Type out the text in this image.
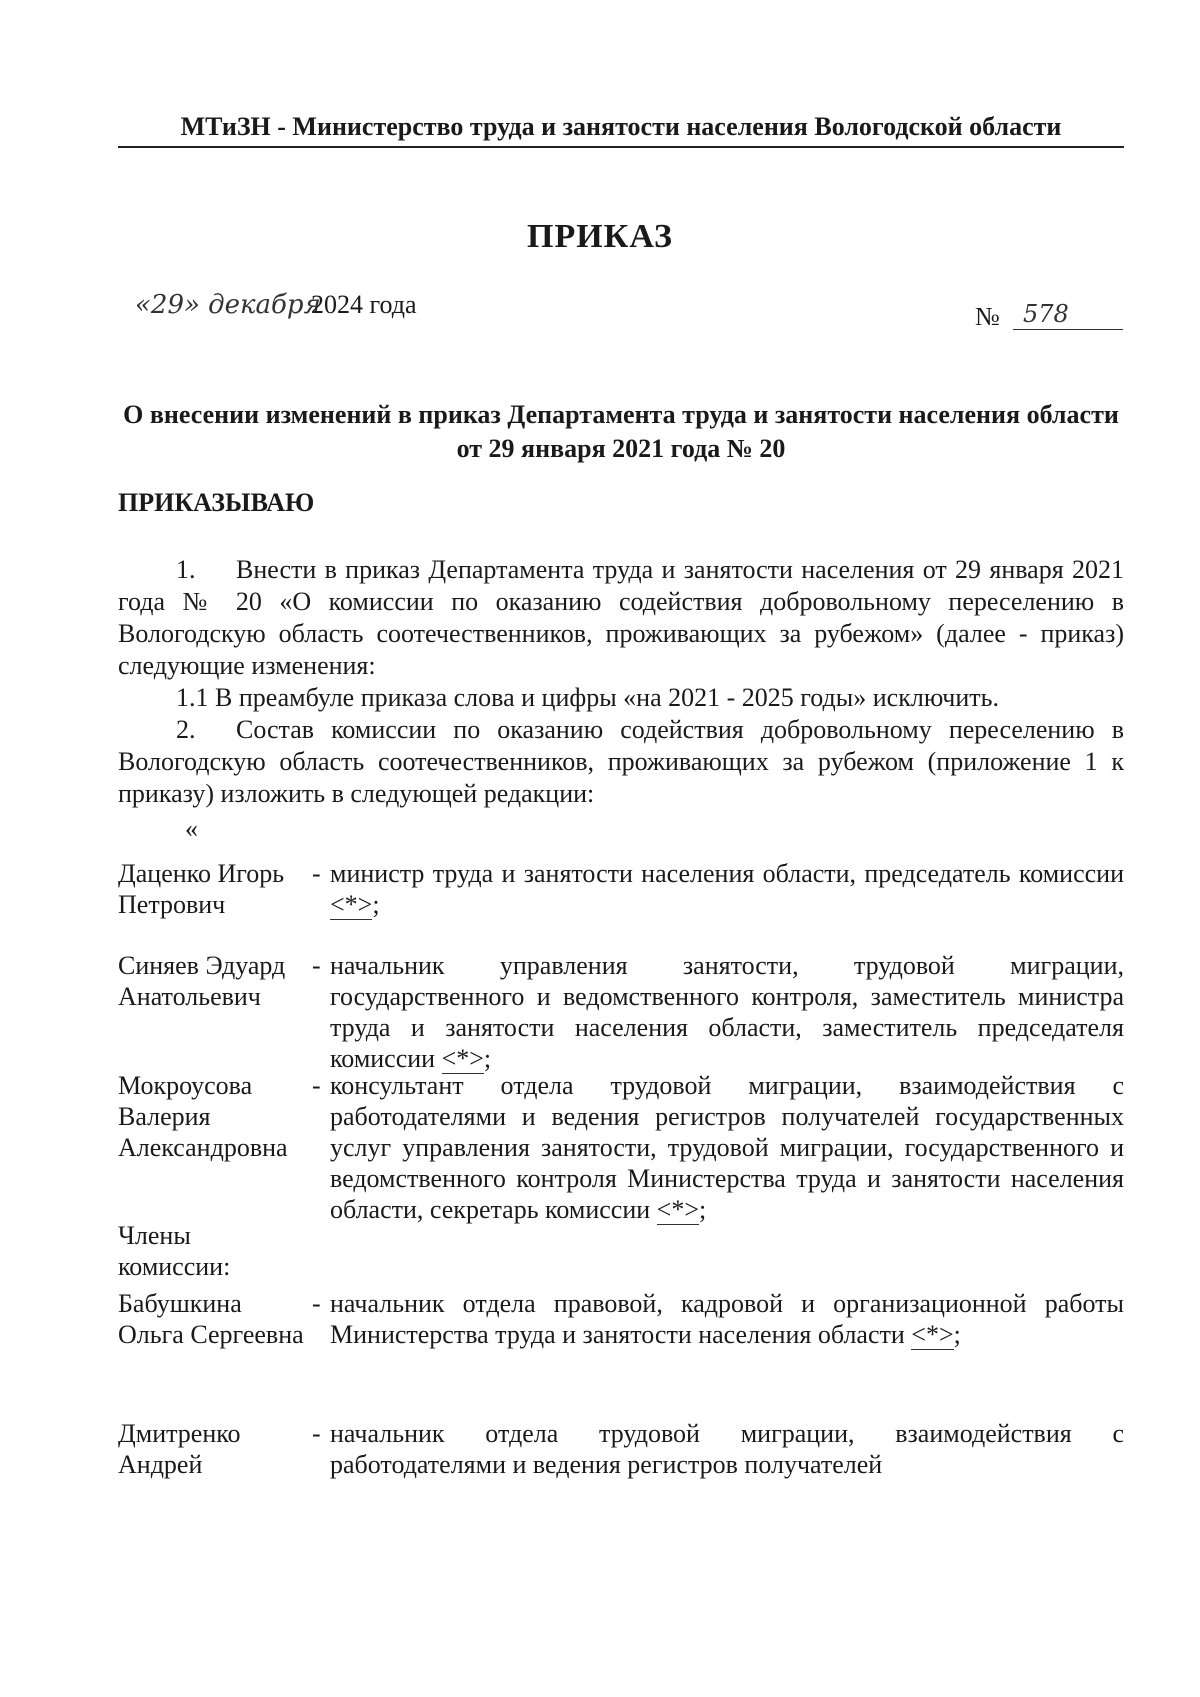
МТиЗН - Министерство труда и занятости населения Вологодской области
ПРИКАЗ
«29» декабря
2024 года	№ 578
О внесении изменений в приказ Департамента труда и занятости населения области от 29 января 2021 года № 20
ПРИКАЗЫВАЮ
1. Внести в приказ Департамента труда и занятости населения от 29 января 2021 года № 20 «О комиссии по оказанию содействия добровольному переселению в Вологодскую область соотечественников, проживающих за рубежом» (далее - приказ) следующие изменения:
1.1 В преамбуле приказа слова и цифры «на 2021 - 2025 годы» исключить.
2. Состав комиссии по оказанию содействия добровольному переселению в Вологодскую область соотечественников, проживающих за рубежом (приложение 1 к приказу) изложить в следующей редакции:
«
Даценко Игорь Петрович
- министр труда и занятости населения области, председатель комиссии <*>;
Синяев Эдуард Анатольевич
- начальник управления занятости, трудовой миграции, государственного и ведомственного контроля, заместитель министра труда и занятости населения области, заместитель председателя комиссии <*>;
Мокроусова Валерия Александровна
- консультант отдела трудовой миграции, взаимодействия с работодателями и ведения регистров получателей государственных услуг управления занятости, трудовой миграции, государственного и ведомственного контроля Министерства труда и занятости населения области, секретарь комиссии <*>;
Члены комиссии:
Бабушкина Ольга Сергеевна
- начальник отдела правовой, кадровой и организационной работы Министерства труда и занятости населения области <*>;
Дмитренко Андрей
- начальник отдела трудовой миграции, взаимодействия с работодателями и ведения регистров получателей
